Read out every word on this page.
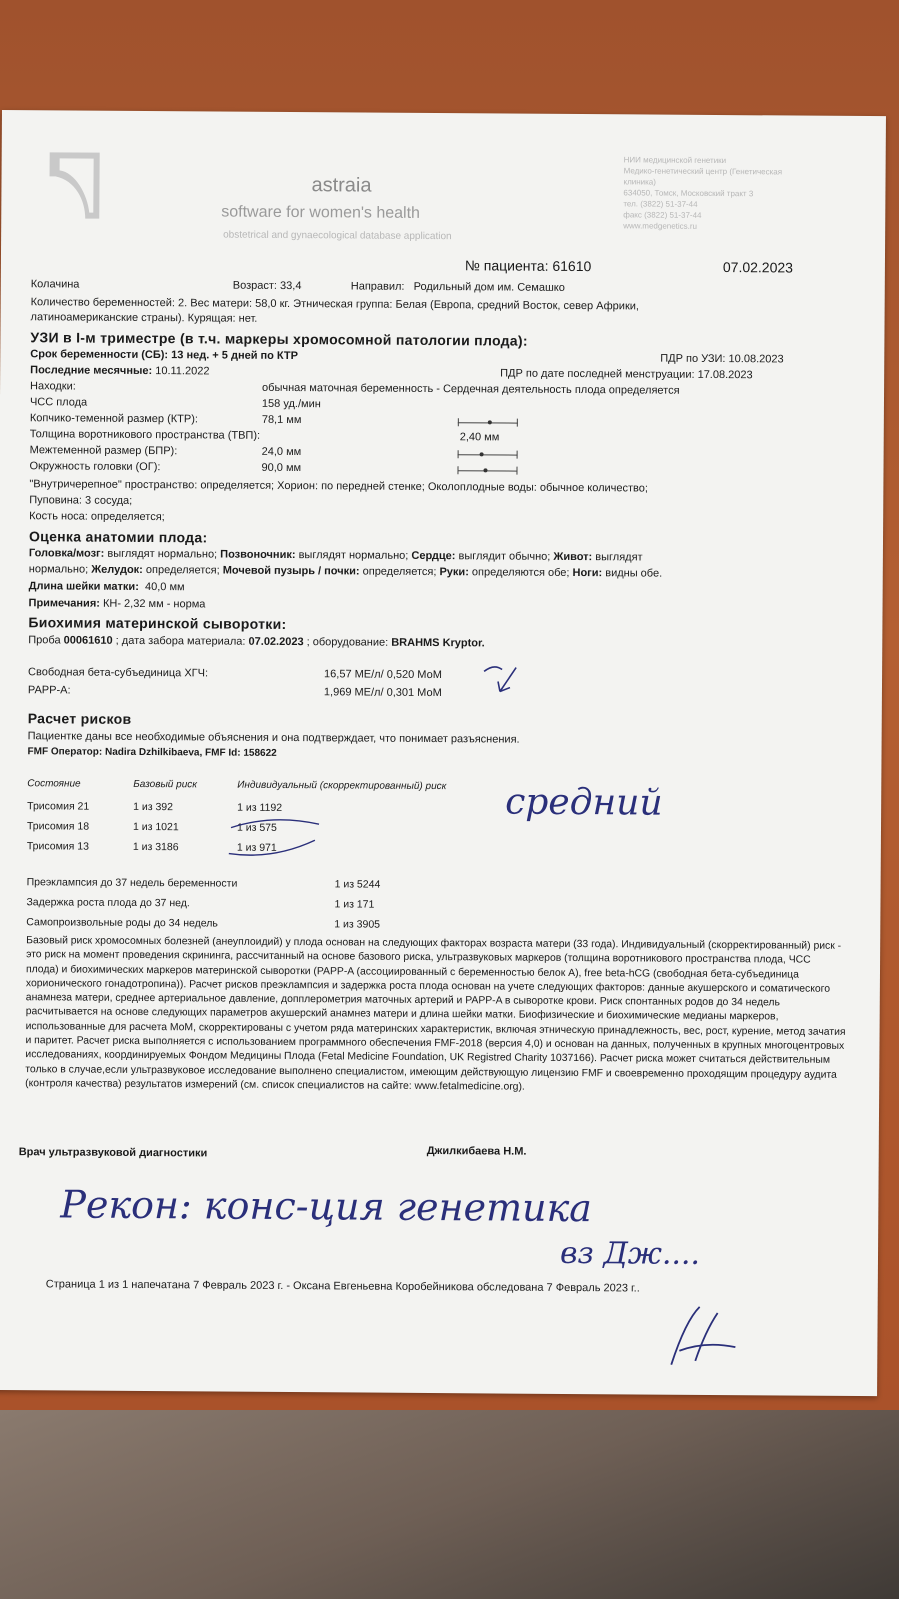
astraia
software for women's health
obstetrical and gynaecological database application
НИИ медицинской генетики
Медико-генетический центр (Генетическая
клиника)
634050, Томск, Московский тракт 3
тел. (3822) 51-37-44
факс (3822) 51-37-44
www.medgenetics.ru
№ пациента: 61610	07.02.2023
Колачина	Возраст: 33,4	Направил: Родильный дом им. Семашко
Количество беременностей: 2. Вес матери: 58,0 кг. Этническая группа: Белая (Европа, средний Восток, север Африки,
латиноамериканские страны). Курящая: нет.
УЗИ в I-м триместре (в т.ч. маркеры хромосомной патологии плода):
Срок беременности (СБ): 13 нед. + 5 дней по КТР	ПДР по УЗИ: 10.08.2023
Последние месячные: 10.11.2022	ПДР по дате последней менструации: 17.08.2023
Находки:	обычная маточная беременность - Сердечная деятельность плода определяется
ЧСС плода	158 уд./мин
Копчико-теменной размер (КТР):	78,1 мм
Толщина воротникового пространства (ТВП):	2,40 мм
Межтеменной размер (БПР):	24,0 мм
Окружность головки (ОГ):	90,0 мм
"Внутричерепное" пространство: определяется; Хорион: по передней стенке; Околоплодные воды: обычное количество;
Пуповина: 3 сосуда;
Кость носа: определяется;
Оценка анатомии плода:
Головка/мозг: выглядят нормально; Позвоночник: выглядят нормально; Сердце: выглядит обычно; Живот: выглядят
нормально; Желудок: определяется; Мочевой пузырь / почки: определяется; Руки: определяются обе; Ноги: видны обе.
Длина шейки матки: 40,0 мм
Примечания: КН- 2,32 мм - норма
Биохимия материнской сыворотки:
Проба 00061610 ; дата забора материала: 07.02.2023 ; оборудование: BRAHMS Kryptor.
Свободная бета-субъединица ХГЧ:	16,57 МЕ/л/ 0,520 МоМ
PAPP-A:	1,969 МЕ/л/ 0,301 МоМ
Расчет рисков
Пациентке даны все необходимые объяснения и она подтверждает, что понимает разъяснения.
FMF Оператор: Nadira Dzhilkibaeva, FMF Id: 158622
Состояние	Базовый риск	Индивидуальный (скорректированный) риск
Трисомия 21	1 из 392	1 из 1192
Трисомия 18	1 из 1021	1 из 575
Трисомия 13	1 из 3186	1 из 971
средний
Преэклампсия до 37 недель беременности	1 из 5244
Задержка роста плода до 37 нед.	1 из 171
Самопроизвольные роды до 34 недель	1 из 3905
Базовый риск хромосомных болезней (анеуплоидий) у плода основан на следующих факторах возраста матери (33 года). Индивидуальный (скорректированный) риск - это риск на момент проведения скрининга, рассчитанный на основе базового риска, ультразвуковых маркеров (толщина воротникового пространства плода, ЧСС плода) и биохимических маркеров материнской сыворотки (PAPP-A (ассоциированный с беременностью белок А), free beta-hCG (свободная бета-субъединица хорионического гонадотропина)). Расчет рисков преэклампсия и задержка роста плода основан на учете следующих факторов: данные акушерского и соматического анамнеза матери, среднее артериальное давление, допплерометрия маточных артерий и PAPP-A в сыворотке крови. Риск спонтанных родов до 34 недель расчитывается на основе следующих параметров акушерский анамнез матери и длина шейки матки. Биофизические и биохимические медианы маркеров, использованные для расчета МоМ, скорректированы с учетом ряда материнских характеристик, включая этническую принадлежность, вес, рост, курение, метод зачатия и паритет. Расчет риска выполняется с использованием программного обеспечения FMF-2018 (версия 4,0) и основан на данных, полученных в крупных многоцентровых исследованиях, координируемых Фондом Медицины Плода (Fetal Medicine Foundation, UK Registred Charity 1037166). Расчет риска может считаться действительным только в случае,если ультразвуковое исследование выполнено специалистом, имеющим действующую лицензию FMF и своевременно проходящим процедуру аудита (контроля качества) результатов измерений (см. список специалистов на сайте: www.fetalmedicine.org).
Врач ультразвуковой диагностики	Джилкибаева Н.М.
Рекон: конс-ция генетика
вз Дж....
Страница 1 из 1 напечатана 7 Февраль 2023 г. - Оксана Евгеньевна Коробейникова обследована 7 Февраль 2023 г..
